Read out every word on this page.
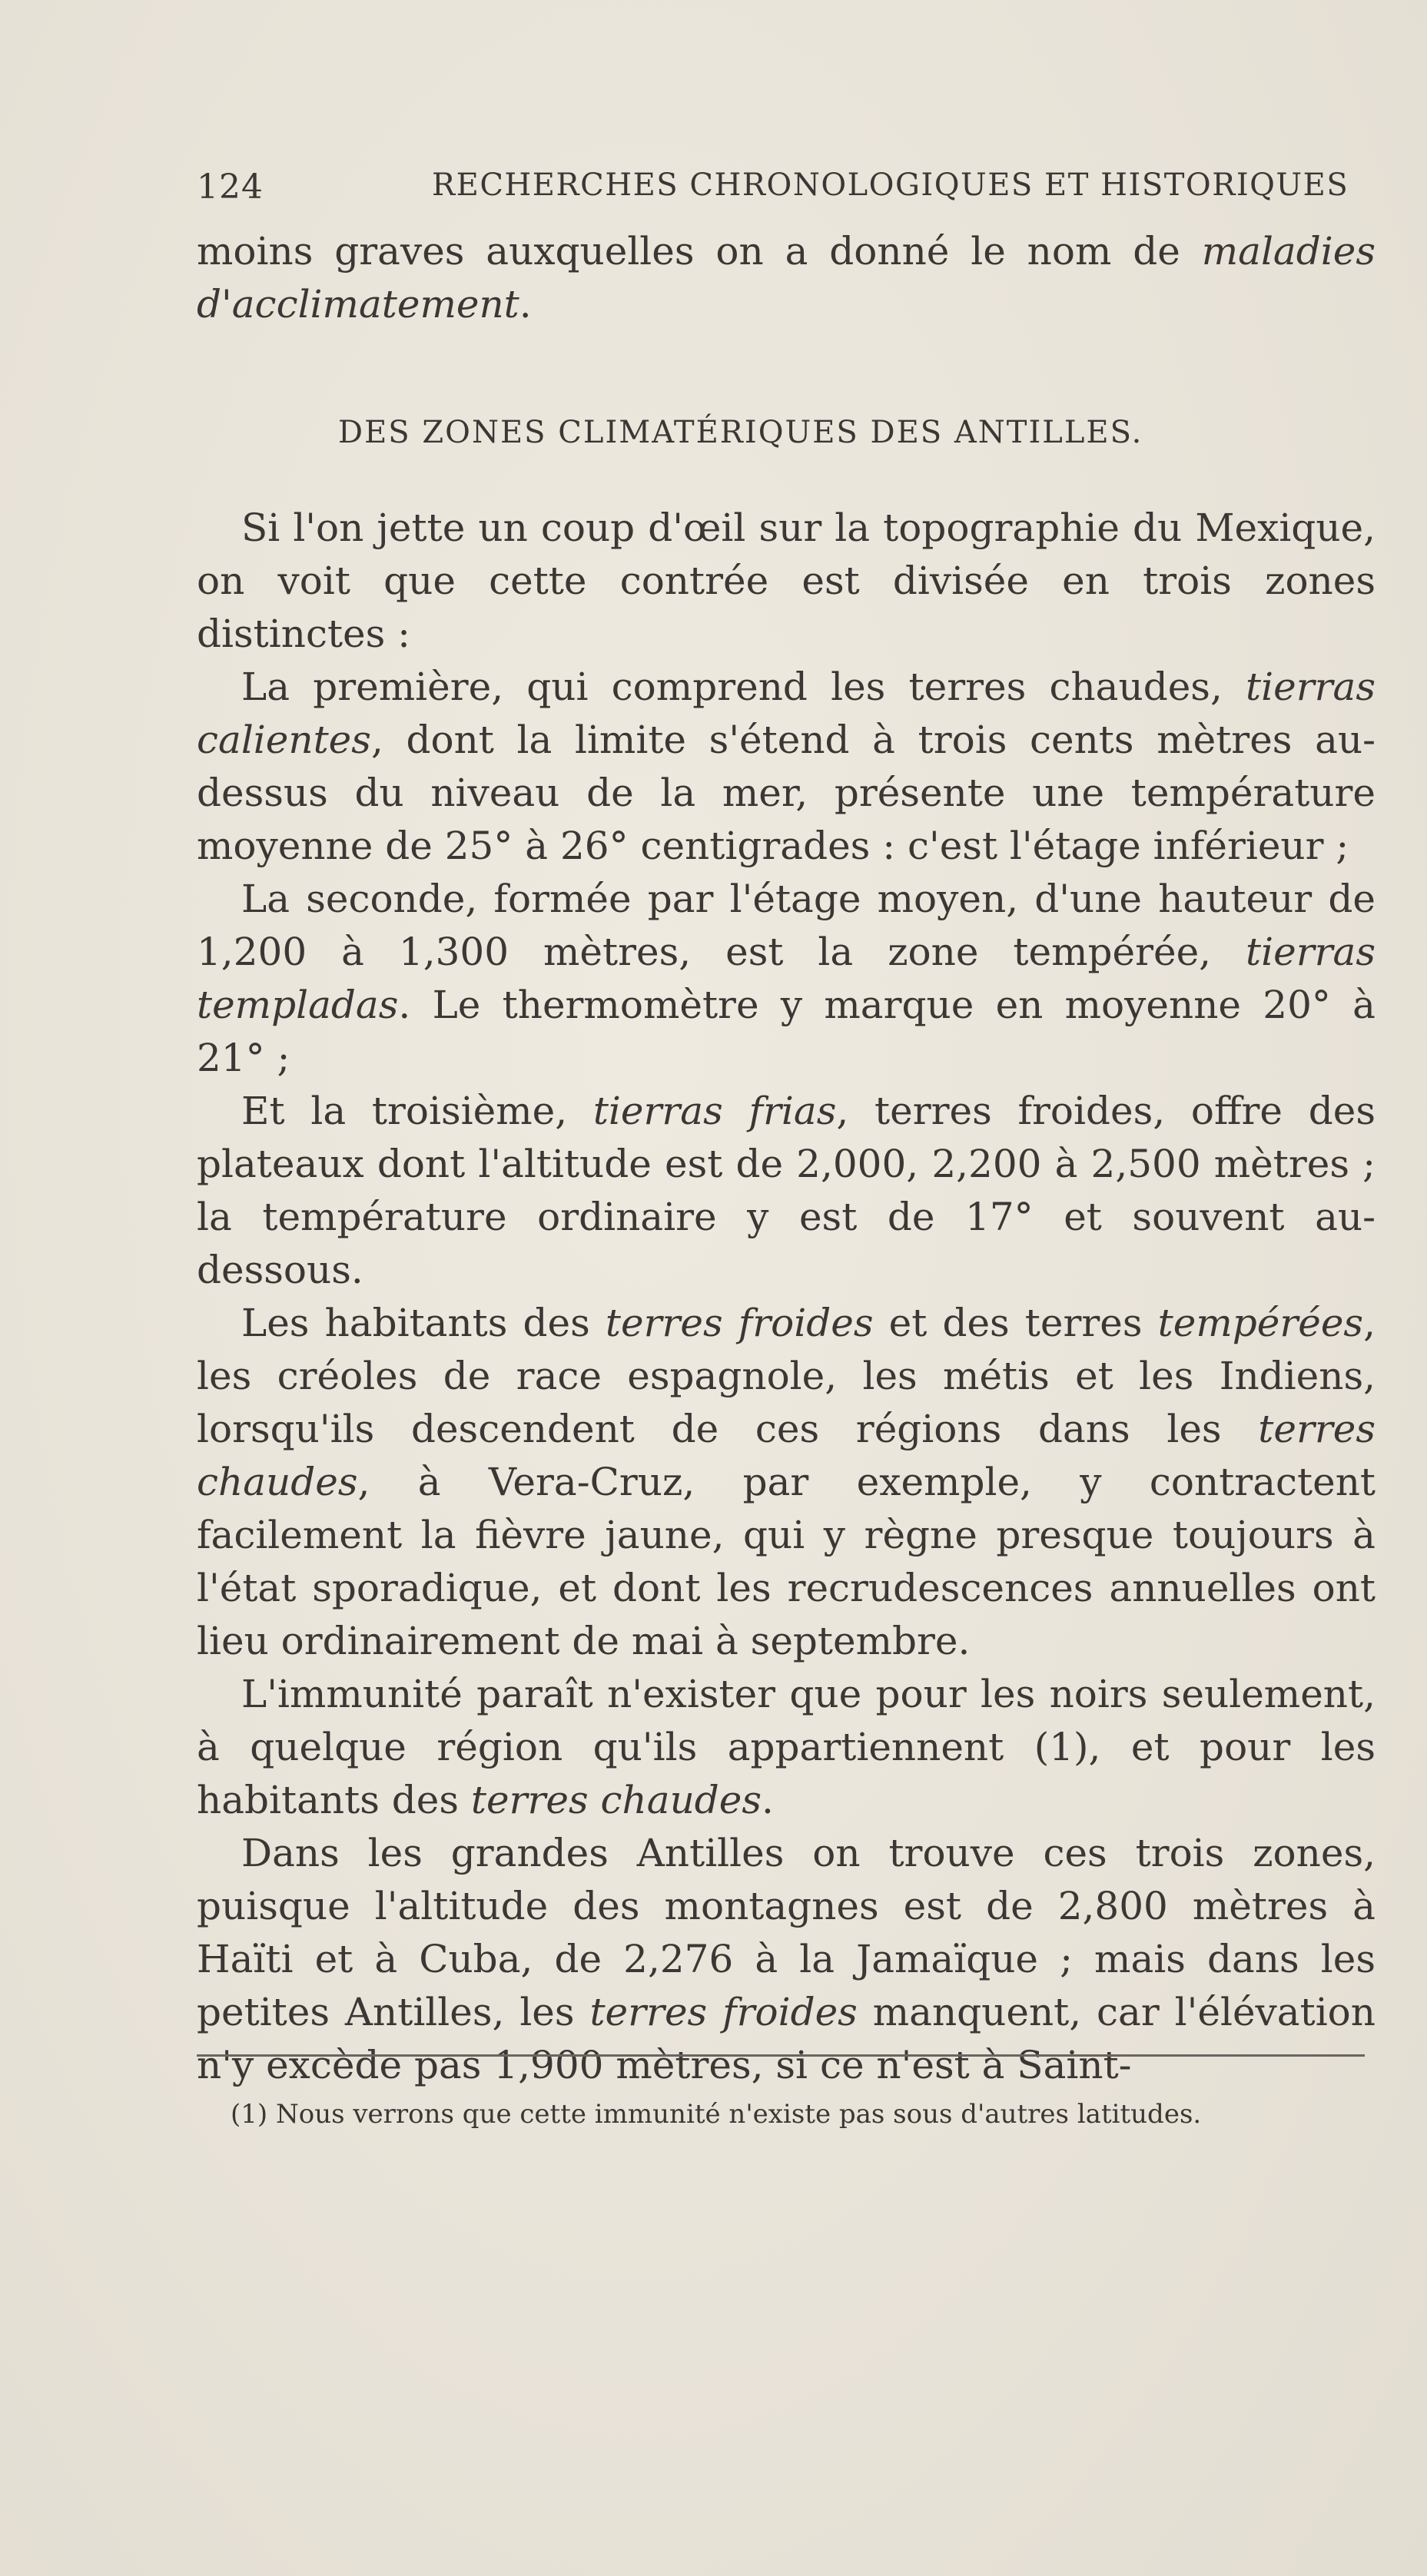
124	RECHERCHES CHRONOLOGIQUES ET HISTORIQUES

moins graves auxquelles on a donné le nom de maladies d'acclimatement.

DES ZONES CLIMATÉRIQUES DES ANTILLES.

Si l'on jette un coup d'œil sur la topographie du Mexique, on voit que cette contrée est divisée en trois zones distinctes :

La première, qui comprend les terres chaudes, tierras calientes, dont la limite s'étend à trois cents mètres au-dessus du niveau de la mer, présente une température moyenne de 25° à 26° centigrades : c'est l'étage inférieur ;

La seconde, formée par l'étage moyen, d'une hauteur de 1,200 à 1,300 mètres, est la zone tempérée, tierras templadas. Le thermomètre y marque en moyenne 20° à 21° ;

Et la troisième, tierras frias, terres froides, offre des plateaux dont l'altitude est de 2,000, 2,200 à 2,500 mètres ; la température ordinaire y est de 17° et souvent au-dessous.

Les habitants des terres froides et des terres tempérées, les créoles de race espagnole, les métis et les Indiens, lorsqu'ils descendent de ces régions dans les terres chaudes, à Vera-Cruz, par exemple, y contractent facilement la fièvre jaune, qui y règne presque toujours à l'état sporadique, et dont les recrudescences annuelles ont lieu ordinairement de mai à septembre.

L'immunité paraît n'exister que pour les noirs seulement, à quelque région qu'ils appartiennent (1), et pour les habitants des terres chaudes.

Dans les grandes Antilles on trouve ces trois zones, puisque l'altitude des montagnes est de 2,800 mètres à Haïti et à Cuba, de 2,276 à la Jamaïque ; mais dans les petites Antilles, les terres froides manquent, car l'élévation n'y excède pas 1,900 mètres, si ce n'est à Saint-

(1) Nous verrons que cette immunité n'existe pas sous d'autres latitudes.
